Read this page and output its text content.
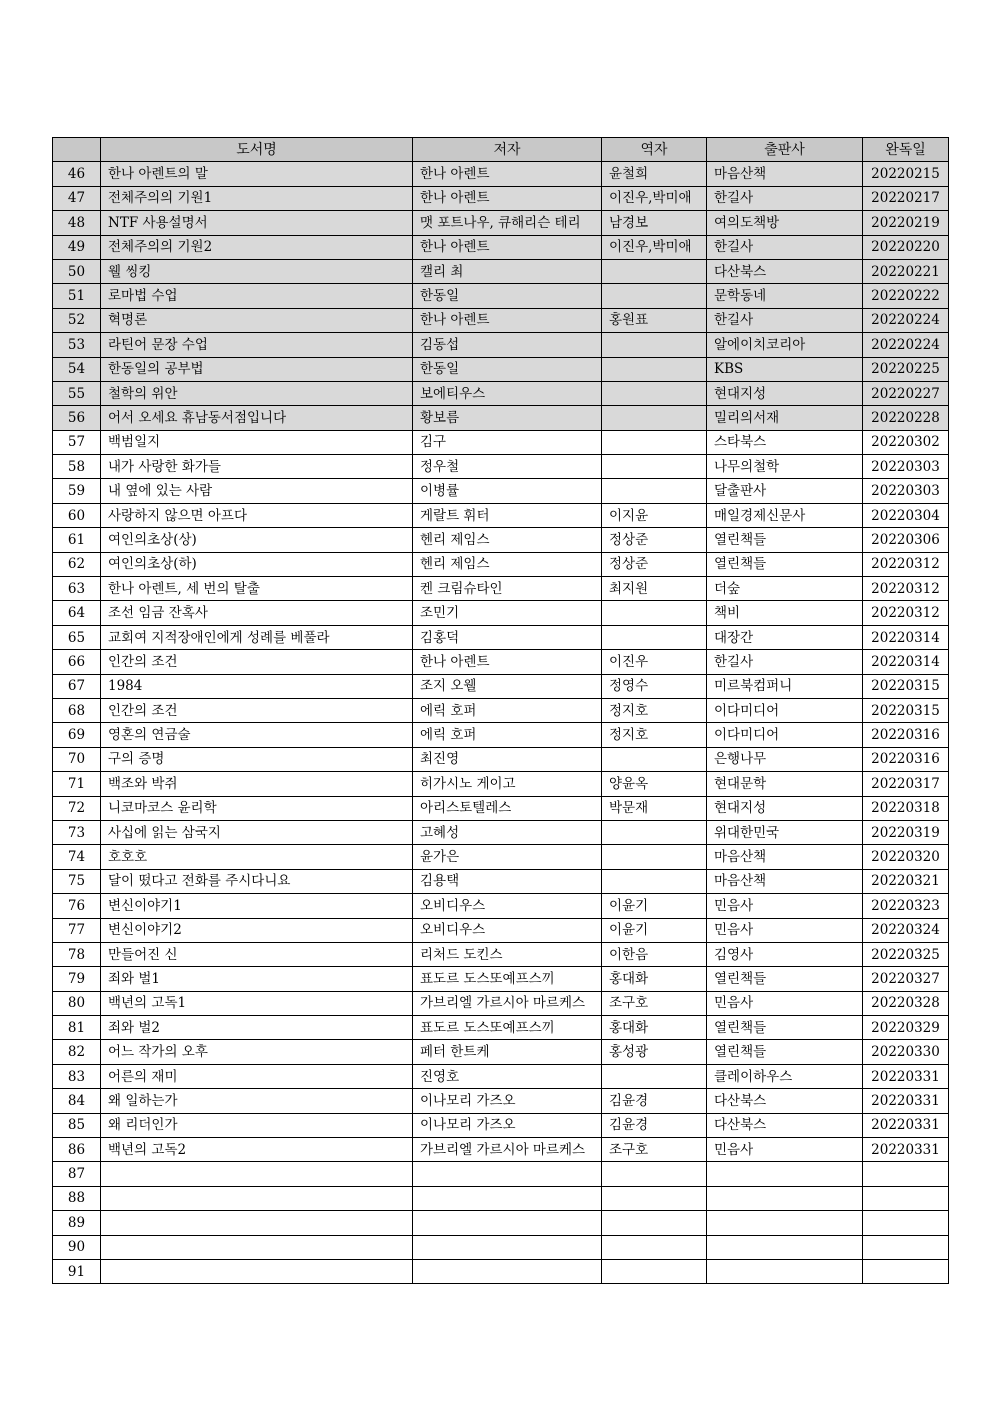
	도서명	저자	역자	출판사	완독일
46	한나 아렌트의 말	한나 아렌트	윤철희	마음산책	20220215
47	전체주의의 기원1	한나 아렌트	이진우,박미애	한길사	20220217
48	NTF 사용설명서	맷 포트나우, 큐해리슨 테리	남경보	여의도책방	20220219
49	전체주의의 기원2	한나 아렌트	이진우,박미애	한길사	20220220
50	웰 씽킹	캘리 최		다산북스	20220221
51	로마법 수업	한동일		문학동네	20220222
52	혁명론	한나 아렌트	홍원표	한길사	20220224
53	라틴어 문장 수업	김동섭		알에이치코리아	20220224
54	한동일의 공부법	한동일		KBS	20220225
55	철학의 위안	보에티우스		현대지성	20220227
56	어서 오세요 휴남동서점입니다	황보름		밀리의서재	20220228
57	백범일지	김구		스타북스	20220302
58	내가 사랑한 화가들	정우철		나무의철학	20220303
59	내 옆에 있는 사람	이병률		달출판사	20220303
60	사랑하지 않으면 아프다	게랄트 휘터	이지윤	매일경제신문사	20220304
61	여인의초상(상)	헨리 제임스	정상준	열린책들	20220306
62	여인의초상(하)	헨리 제임스	정상준	열린책들	20220312
63	한나 아렌트, 세 번의 탈출	켄 크림슈타인	최지원	더숲	20220312
64	조선 임금 잔혹사	조민기		책비	20220312
65	교회여 지적장애인에게 성례를 베풀라	김홍덕		대장간	20220314
66	인간의 조건	한나 아렌트	이진우	한길사	20220314
67	1984	조지 오웰	정영수	미르북컴퍼니	20220315
68	인간의 조건	에릭 호퍼	정지호	이다미디어	20220315
69	영혼의 연금술	에릭 호퍼	정지호	이다미디어	20220316
70	구의 증명	최진영		은행나무	20220316
71	백조와 박쥐	히가시노 게이고	양윤옥	현대문학	20220317
72	니코마코스 윤리학	아리스토텔레스	박문재	현대지성	20220318
73	사십에 읽는 삼국지	고혜성		위대한민국	20220319
74	호호호	윤가은		마음산책	20220320
75	달이 떴다고 전화를 주시다니요	김용택		마음산책	20220321
76	변신이야기1	오비디우스	이윤기	민음사	20220323
77	변신이야기2	오비디우스	이윤기	민음사	20220324
78	만들어진 신	리처드 도킨스	이한음	김영사	20220325
79	죄와 벌1	표도르 도스또예프스끼	홍대화	열린책들	20220327
80	백년의 고독1	가브리엘 가르시아 마르케스	조구호	민음사	20220328
81	죄와 벌2	표도르 도스또예프스끼	홍대화	열린책들	20220329
82	어느 작가의 오후	페터 한트케	홍성광	열린책들	20220330
83	어른의 재미	진영호		클레이하우스	20220331
84	왜 일하는가	이나모리 가즈오	김윤경	다산북스	20220331
85	왜 리더인가	이나모리 가즈오	김윤경	다산북스	20220331
86	백년의 고독2	가브리엘 가르시아 마르케스	조구호	민음사	20220331
87					
88					
89					
90					
91					
